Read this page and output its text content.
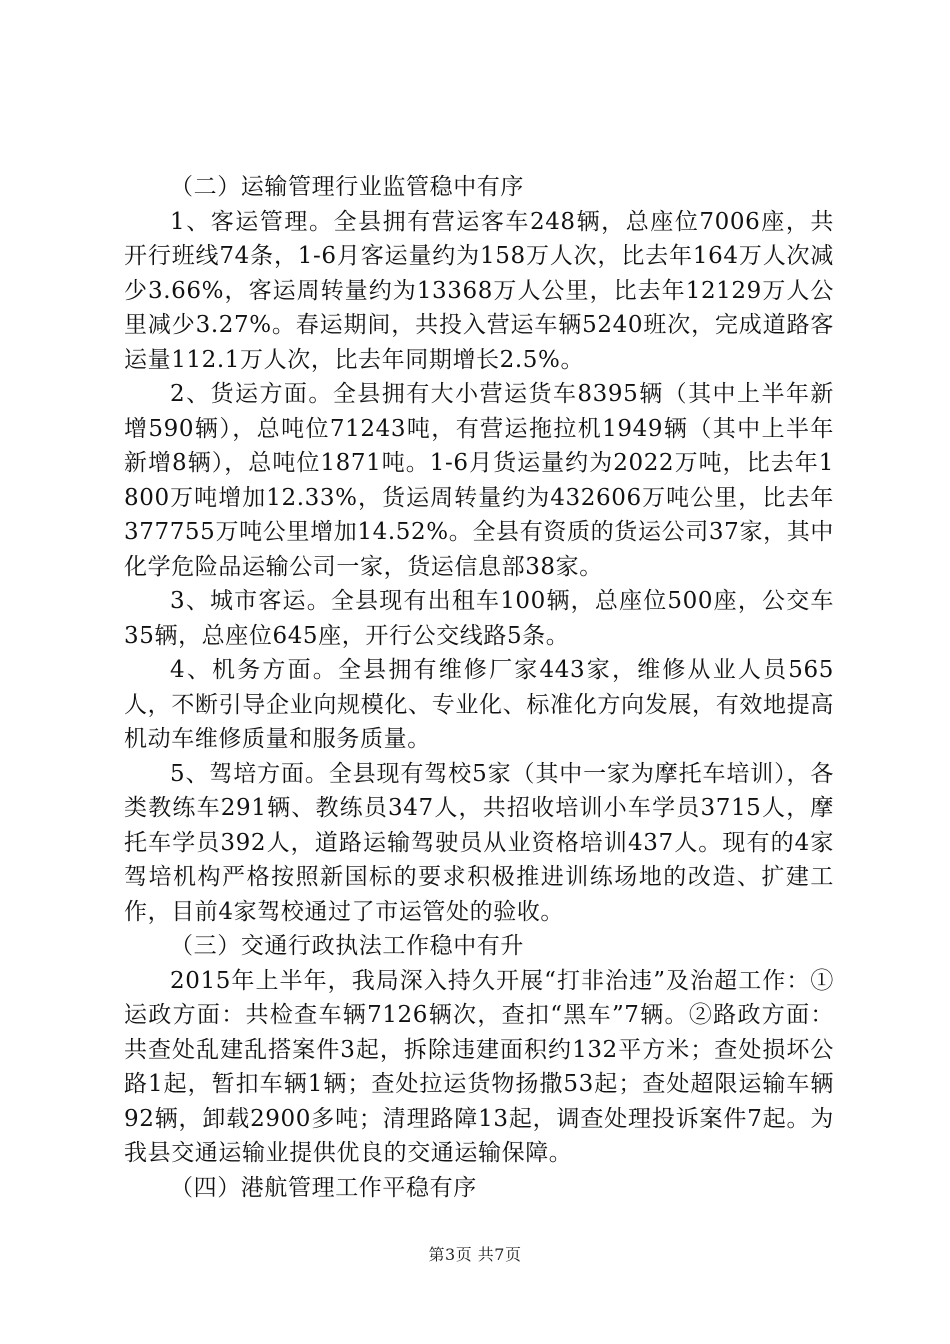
（二）运输管理行业监管稳中有序

1、客运管理。全县拥有营运客车248辆，总座位7006座，共开行班线74条，1-6月客运量约为158万人次，比去年164万人次减少3.66%，客运周转量约为13368万人公里，比去年12129万人公里减少3.27%。春运期间，共投入营运车辆5240班次，完成道路客运量112.1万人次，比去年同期增长2.5%。

2、货运方面。全县拥有大小营运货车8395辆（其中上半年新增590辆），总吨位71243吨，有营运拖拉机1949辆（其中上半年新增8辆），总吨位1871吨。1-6月货运量约为2022万吨，比去年1800万吨增加12.33%，货运周转量约为432606万吨公里，比去年377755万吨公里增加14.52%。全县有资质的货运公司37家，其中化学危险品运输公司一家，货运信息部38家。

3、城市客运。全县现有出租车100辆，总座位500座，公交车35辆，总座位645座，开行公交线路5条。

4、机务方面。全县拥有维修厂家443家，维修从业人员565人，不断引导企业向规模化、专业化、标准化方向发展，有效地提高机动车维修质量和服务质量。

5、驾培方面。全县现有驾校5家（其中一家为摩托车培训），各类教练车291辆、教练员347人，共招收培训小车学员3715人，摩托车学员392人，道路运输驾驶员从业资格培训437人。现有的4家驾培机构严格按照新国标的要求积极推进训练场地的改造、扩建工作，目前4家驾校通过了市运管处的验收。

（三）交通行政执法工作稳中有升

2015年上半年，我局深入持久开展“打非治违”及治超工作：①运政方面：共检查车辆7126辆次，查扣“黑车”7辆。②路政方面：共查处乱建乱搭案件3起，拆除违建面积约132平方米；查处损坏公路1起，暂扣车辆1辆；查处拉运货物扬撒53起；查处超限运输车辆92辆，卸载2900多吨；清理路障13起，调查处理投诉案件7起。为我县交通运输业提供优良的交通运输保障。

（四）港航管理工作平稳有序

第3页 共7页
